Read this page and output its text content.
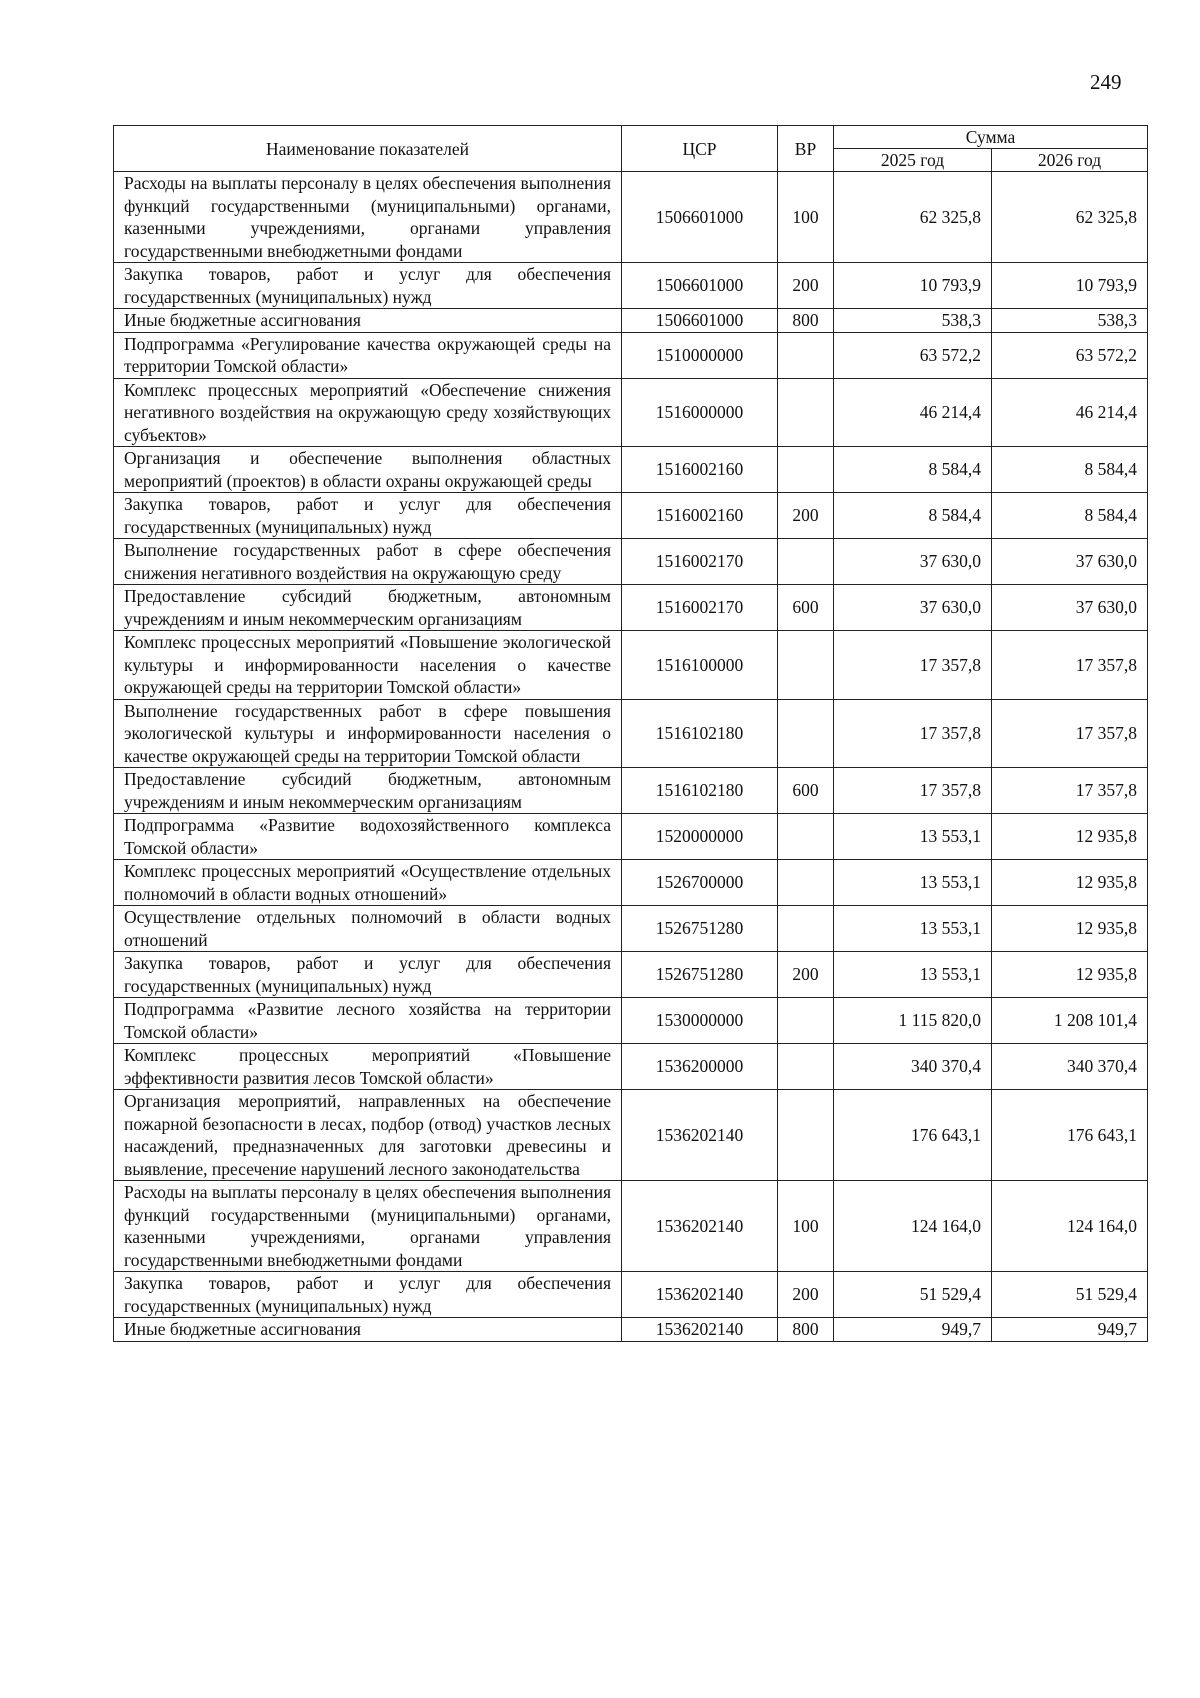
249
Наименование показателей	ЦСР	ВР	Сумма	
			2025 год	2026 год
Расходы на выплаты персоналу в целях обеспечения выполнения функций государственными (муниципальными) органами, казенными учреждениями, органами управления государственными внебюджетными фондами	1506601000	100	62 325,8	62 325,8
Закупка товаров, работ и услуг для обеспечения государственных (муниципальных) нужд	1506601000	200	10 793,9	10 793,9
Иные бюджетные ассигнования	1506601000	800	538,3	538,3
Подпрограмма «Регулирование качества окружающей среды на территории Томской области»	1510000000		63 572,2	63 572,2
Комплекс процессных мероприятий «Обеспечение снижения негативного воздействия на окружающую среду хозяйствующих субъектов»	1516000000		46 214,4	46 214,4
Организация и обеспечение выполнения областных мероприятий (проектов) в области охраны окружающей среды	1516002160		8 584,4	8 584,4
Закупка товаров, работ и услуг для обеспечения государственных (муниципальных) нужд	1516002160	200	8 584,4	8 584,4
Выполнение государственных работ в сфере обеспечения снижения негативного воздействия на окружающую среду	1516002170		37 630,0	37 630,0
Предоставление субсидий бюджетным, автономным учреждениям и иным некоммерческим организациям	1516002170	600	37 630,0	37 630,0
Комплекс процессных мероприятий «Повышение экологической культуры и информированности населения о качестве окружающей среды на территории Томской области»	1516100000		17 357,8	17 357,8
Выполнение государственных работ в сфере повышения экологической культуры и информированности населения о качестве окружающей среды на территории Томской области	1516102180		17 357,8	17 357,8
Предоставление субсидий бюджетным, автономным учреждениям и иным некоммерческим организациям	1516102180	600	17 357,8	17 357,8
Подпрограмма «Развитие водохозяйственного комплекса Томской области»	1520000000		13 553,1	12 935,8
Комплекс процессных мероприятий «Осуществление отдельных полномочий в области водных отношений»	1526700000		13 553,1	12 935,8
Осуществление отдельных полномочий в области водных отношений	1526751280		13 553,1	12 935,8
Закупка товаров, работ и услуг для обеспечения государственных (муниципальных) нужд	1526751280	200	13 553,1	12 935,8
Подпрограмма «Развитие лесного хозяйства на территории Томской области»	1530000000		1 115 820,0	1 208 101,4
Комплекс процессных мероприятий «Повышение эффективности развития лесов Томской области»	1536200000		340 370,4	340 370,4
Организация мероприятий, направленных на обеспечение пожарной безопасности в лесах, подбор (отвод) участков лесных насаждений, предназначенных для заготовки древесины и выявление, пресечение нарушений лесного законодательства	1536202140		176 643,1	176 643,1
Расходы на выплаты персоналу в целях обеспечения выполнения функций государственными (муниципальными) органами, казенными учреждениями, органами управления государственными внебюджетными фондами	1536202140	100	124 164,0	124 164,0
Закупка товаров, работ и услуг для обеспечения государственных (муниципальных) нужд	1536202140	200	51 529,4	51 529,4
Иные бюджетные ассигнования	1536202140	800	949,7	949,7
